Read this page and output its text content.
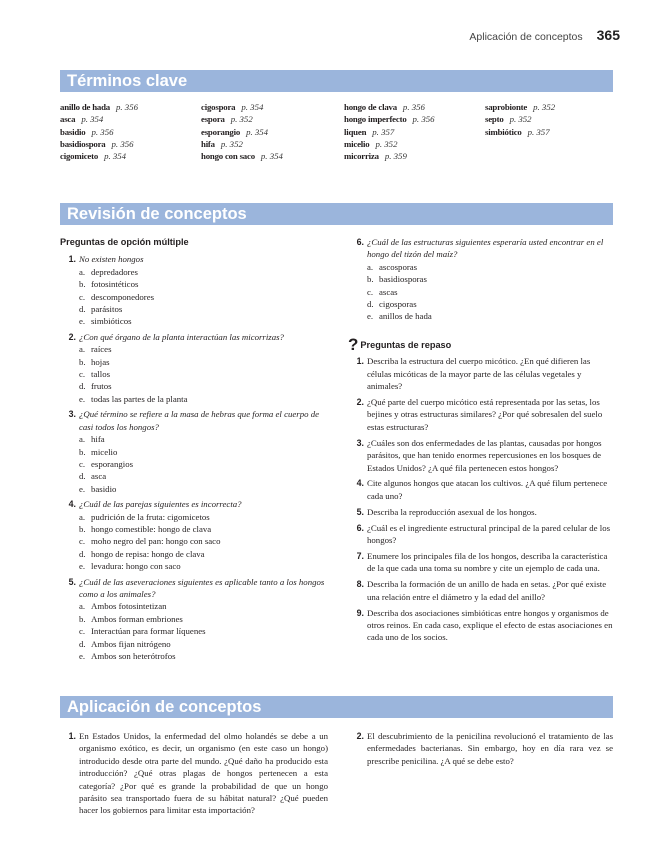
Aplicación de conceptos 365
Términos clave
anillo de hada p. 356
asca p. 354
basidio p. 356
basidiospora p. 356
cigomiceto p. 354
cigospora p. 354
espora p. 352
esporangio p. 354
hifa p. 352
hongo con saco p. 354
hongo de clava p. 356
hongo imperfecto p. 356
liquen p. 357
micelio p. 352
micorriza p. 359
saprobionte p. 352
septo p. 352
simbiótico p. 357
Revisión de conceptos
Preguntas de opción múltiple
1. No existen hongos
a. depredadores
b. fotosintéticos
c. descomponedores
d. parásitos
e. simbióticos
2. ¿Con qué órgano de la planta interactúan las micorrizas?
a. raíces
b. hojas
c. tallos
d. frutos
e. todas las partes de la planta
3. ¿Qué término se refiere a la masa de hebras que forma el cuerpo de casi todos los hongos?
a. hifa
b. micelio
c. esporangios
d. asca
e. basidio
4. ¿Cuál de las parejas siguientes es incorrecta?
a. pudrición de la fruta: cigomicetos
b. hongo comestible: hongo de clava
c. moho negro del pan: hongo con saco
d. hongo de repisa: hongo de clava
e. levadura: hongo con saco
5. ¿Cuál de las aseveraciones siguientes es aplicable tanto a los hongos como a los animales?
a. Ambos fotosintetizan
b. Ambos forman embriones
c. Interactúan para formar líquenes
d. Ambos fijan nitrógeno
e. Ambos son heterótrofos
6. ¿Cuál de las estructuras siguientes esperaría usted encontrar en el hongo del tizón del maíz?
a. ascosporas
b. basidiosporas
c. ascas
d. cigosporas
e. anillos de hada
? Preguntas de repaso
1. Describa la estructura del cuerpo micótico. ¿En qué difieren las células micóticas de la mayor parte de las células vegetales y animales?
2. ¿Qué parte del cuerpo micótico está representada por las setas, los bejines y otras estructuras similares? ¿Por qué sobresalen del suelo estas estructuras?
3. ¿Cuáles son dos enfermedades de las plantas, causadas por hongos parásitos, que han tenido enormes repercusiones en los bosques de Estados Unidos? ¿A qué fila pertenecen estos hongos?
4. Cite algunos hongos que atacan los cultivos. ¿A qué filum pertenece cada uno?
5. Describa la reproducción asexual de los hongos.
6. ¿Cuál es el ingrediente estructural principal de la pared celular de los hongos?
7. Enumere los principales fila de los hongos, describa la característica de la que cada una toma su nombre y cite un ejemplo de cada una.
8. Describa la formación de un anillo de hada en setas. ¿Por qué existe una relación entre el diámetro y la edad del anillo?
9. Describa dos asociaciones simbióticas entre hongos y organismos de otros reinos. En cada caso, explique el efecto de estas asociaciones en cada uno de los socios.
Aplicación de conceptos
1. En Estados Unidos, la enfermedad del olmo holandés se debe a un organismo exótico, es decir, un organismo (en este caso un hongo) introducido desde otra parte del mundo. ¿Qué daño ha producido esta introducción? ¿Qué otras plagas de hongos pertenecen a esta categoría? ¿Por qué es grande la probabilidad de que un hongo parásito sea transportado fuera de su hábitat natural? ¿Qué pueden hacer los gobiernos para limitar esta importación?
2. El descubrimiento de la penicilina revolucionó el tratamiento de las enfermedades bacterianas. Sin embargo, hoy en día rara vez se prescribe penicilina. ¿A qué se debe esto?
